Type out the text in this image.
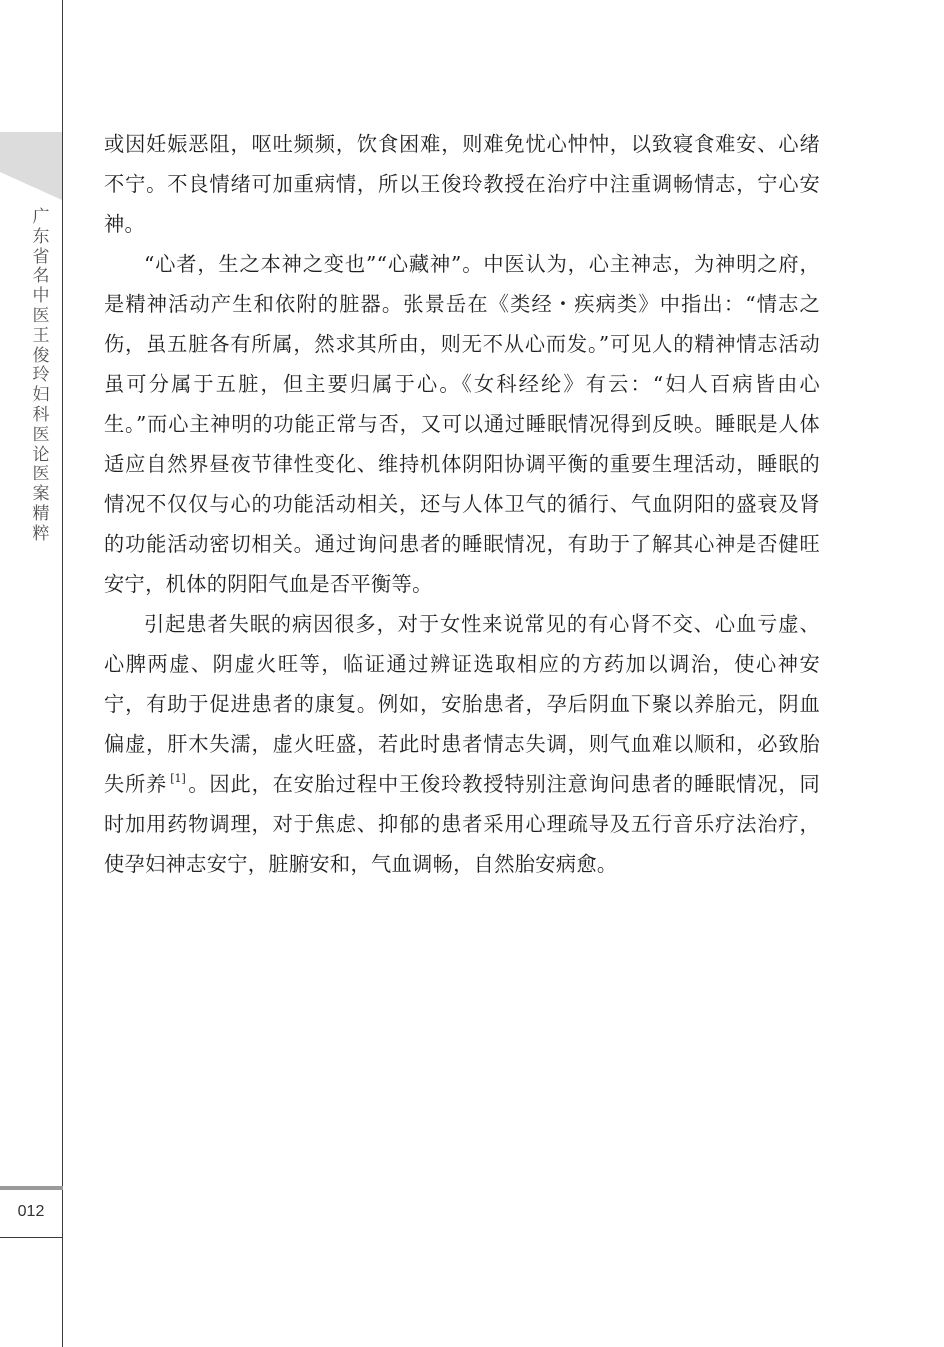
广东省名中医王俊玲妇科医论医案精粹
012

或因妊娠恶阻，呕吐频频，饮食困难，则难免忧心忡忡，以致寝食难安、心绪不宁。不良情绪可加重病情，所以王俊玲教授在治疗中注重调畅情志，宁心安神。

“心者，生之本神之变也”“心藏神”。中医认为，心主神志，为神明之府，是精神活动产生和依附的脏器。张景岳在《类经・疾病类》中指出：“情志之伤，虽五脏各有所属，然求其所由，则无不从心而发。”可见人的精神情志活动虽可分属于五脏，但主要归属于心。《女科经纶》有云：“妇人百病皆由心生。”而心主神明的功能正常与否，又可以通过睡眠情况得到反映。睡眠是人体适应自然界昼夜节律性变化、维持机体阴阳协调平衡的重要生理活动，睡眠的情况不仅仅与心的功能活动相关，还与人体卫气的循行、气血阴阳的盛衰及肾的功能活动密切相关。通过询问患者的睡眠情况，有助于了解其心神是否健旺安宁，机体的阴阳气血是否平衡等。

引起患者失眠的病因很多，对于女性来说常见的有心肾不交、心血亏虚、心脾两虚、阴虚火旺等，临证通过辨证选取相应的方药加以调治，使心神安宁，有助于促进患者的康复。例如，安胎患者，孕后阴血下聚以养胎元，阴血偏虚，肝木失濡，虚火旺盛，若此时患者情志失调，则气血难以顺和，必致胎失所养 [1]。因此，在安胎过程中王俊玲教授特别注意询问患者的睡眠情况，同时加用药物调理，对于焦虑、抑郁的患者采用心理疏导及五行音乐疗法治疗，使孕妇神志安宁，脏腑安和，气血调畅，自然胎安病愈。
